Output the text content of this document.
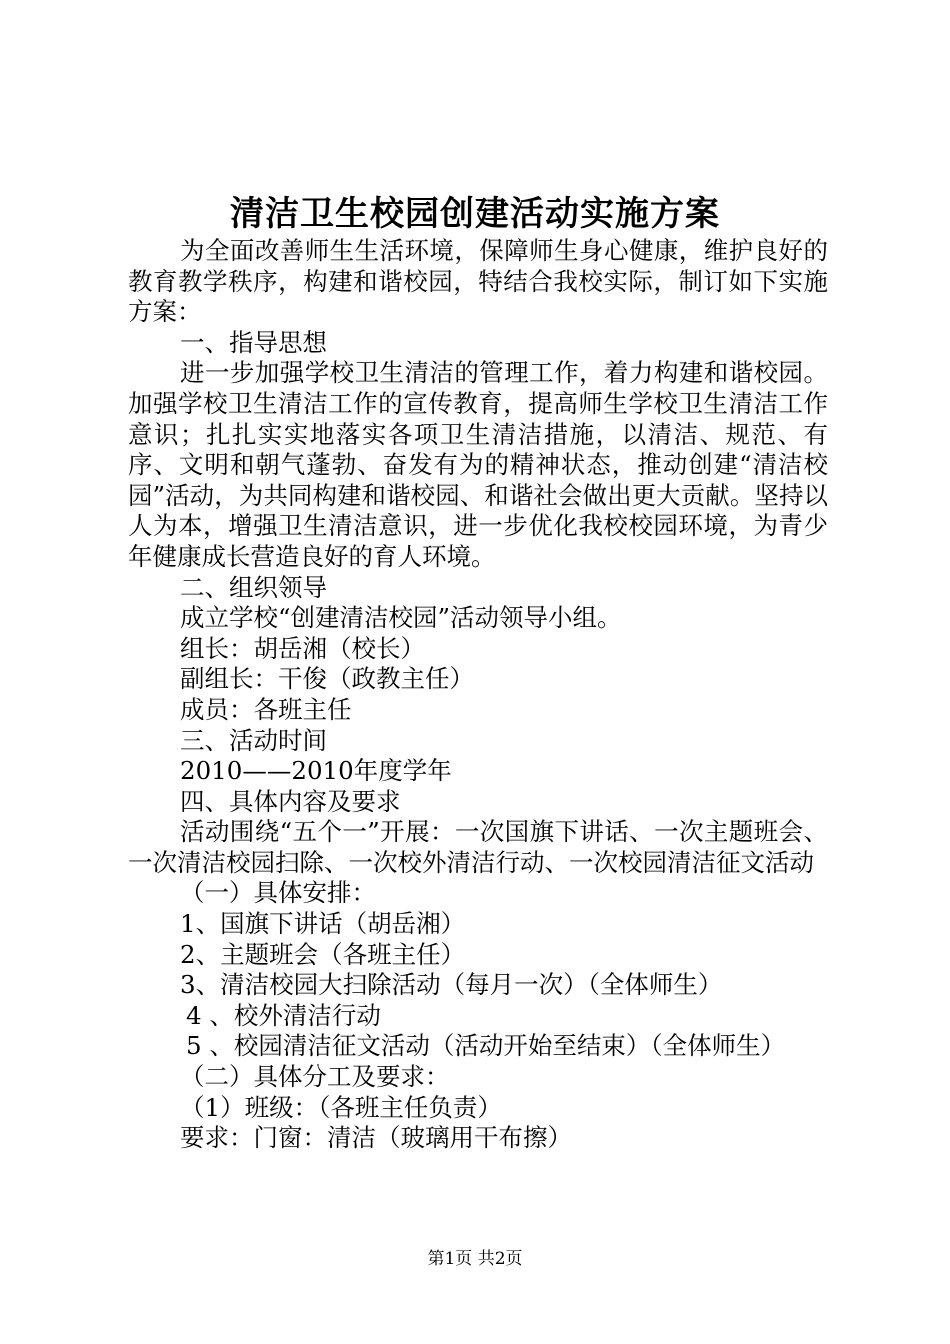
清洁卫生校园创建活动实施方案

为全面改善师生生活环境，保障师生身心健康，维护良好的教育教学秩序，构建和谐校园，特结合我校实际，制订如下实施方案：

一、指导思想

进一步加强学校卫生清洁的管理工作，着力构建和谐校园。加强学校卫生清洁工作的宣传教育，提高师生学校卫生清洁工作意识；扎扎实实地落实各项卫生清洁措施，以清洁、规范、有序、文明和朝气蓬勃、奋发有为的精神状态，推动创建“清洁校园”活动，为共同构建和谐校园、和谐社会做出更大贡献。坚持以人为本，增强卫生清洁意识，进一步优化我校校园环境，为青少年健康成长营造良好的育人环境。

二、组织领导

成立学校“创建清洁校园”活动领导小组。

组长：胡岳湘（校长）

副组长：干俊（政教主任）

成员：各班主任

三、活动时间

2010——2010年度学年

四、具体内容及要求

活动围绕“五个一”开展：一次国旗下讲话、一次主题班会、一次清洁校园扫除、一次校外清洁行动、一次校园清洁征文活动

（一）具体安排：

1、国旗下讲话（胡岳湘）

2、主题班会（各班主任）

3、清洁校园大扫除活动（每月一次）（全体师生）

4 、校外清洁行动

5 、校园清洁征文活动（活动开始至结束）（全体师生）

（二）具体分工及要求：

（1）班级：（各班主任负责）

要求：门窗：清洁（玻璃用干布擦）

第1页 共2页
